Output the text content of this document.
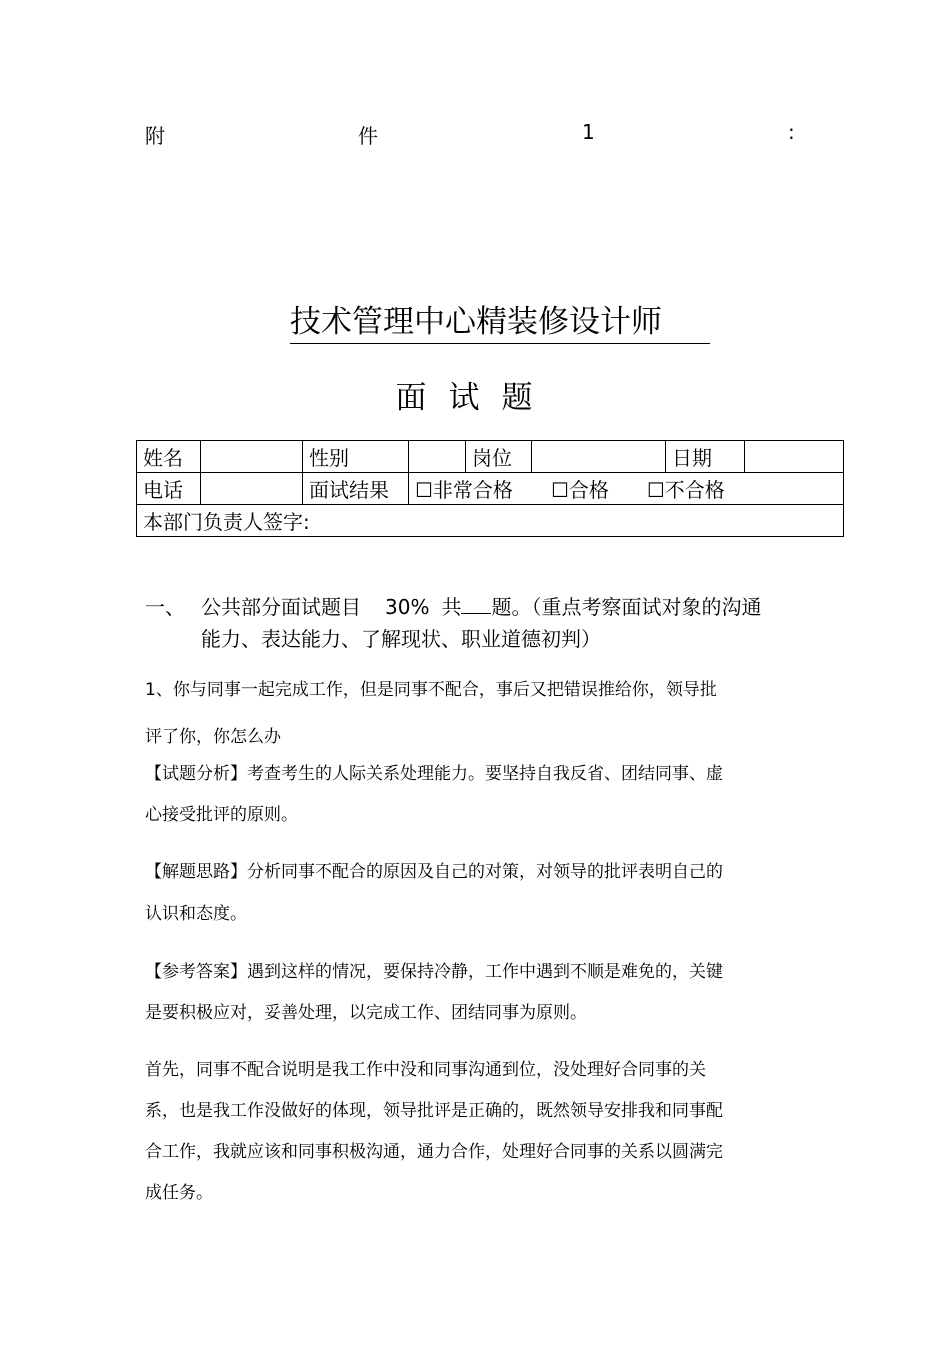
附	件	1	:
技术管理中心精装修设计师
面试题
姓名		性别		岗位		日期	
电话		面试结果	☐非常合格 ☐合格 ☐不合格				
本部门负责人签字:							
一、 公共部分面试题目 30% 共 题。（重点考察面试对象的沟通
能力、表达能力、了解现状、职业道德初判）
1、你与同事一起完成工作，但是同事不配合，事后又把错误推给你，领导批
评了你，你怎么办
【试题分析】考查考生的人际关系处理能力。要坚持自我反省、团结同事、虚
心接受批评的原则。
【解题思路】分析同事不配合的原因及自己的对策，对领导的批评表明自己的
认识和态度。
【参考答案】遇到这样的情况，要保持冷静，工作中遇到不顺是难免的，关键
是要积极应对，妥善处理，以完成工作、团结同事为原则。
首先，同事不配合说明是我工作中没和同事沟通到位，没处理好合同事的关
系，也是我工作没做好的体现，领导批评是正确的，既然领导安排我和同事配
合工作，我就应该和同事积极沟通，通力合作，处理好合同事的关系以圆满完
成任务。
